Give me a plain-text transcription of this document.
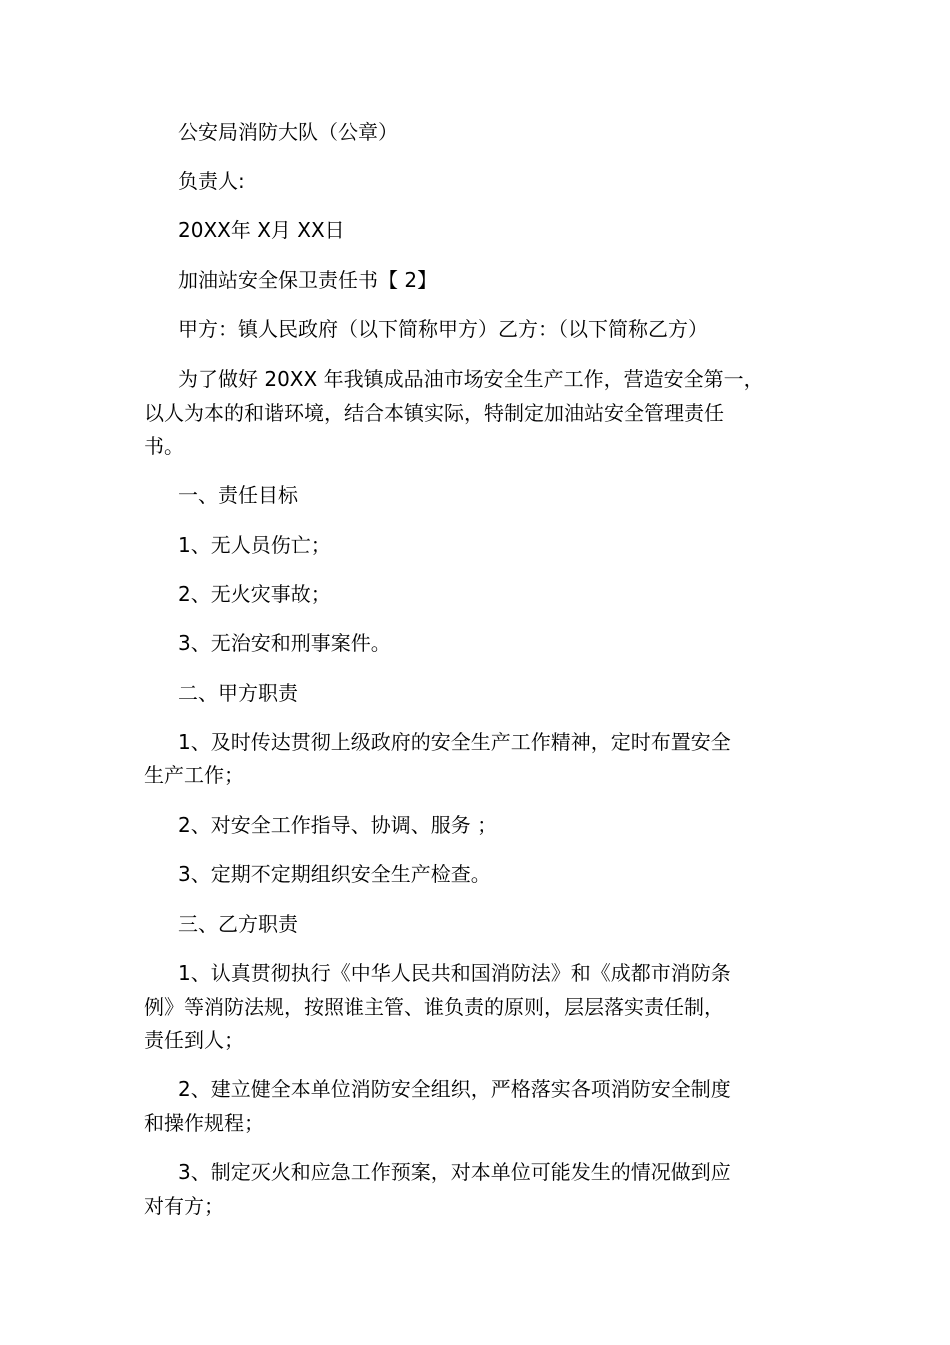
公安局消防大队（公章）
负责人:
20XX年 X月 XX日
加油站安全保卫责任书【 2】
甲方：镇人民政府（以下简称甲方）乙方：（以下简称乙方）
为了做好 20XX 年我镇成品油市场安全生产工作，营造安全第一，
以人为本的和谐环境，结合本镇实际，特制定加油站安全管理责任
书。
一、责任目标
1、无人员伤亡；
2、无火灾事故；
3、无治安和刑事案件。
二、甲方职责
1、及时传达贯彻上级政府的安全生产工作精神，定时布置安全
生产工作；
2、对安全工作指导、协调、服务 ；
3、定期不定期组织安全生产检查。
三、乙方职责
1、认真贯彻执行《中华人民共和国消防法》和《成都市消防条
例》等消防法规，按照谁主管、谁负责的原则，层层落实责任制，
责任到人；
2、建立健全本单位消防安全组织，严格落实各项消防安全制度
和操作规程；
3、制定灭火和应急工作预案，对本单位可能发生的情况做到应
对有方；
